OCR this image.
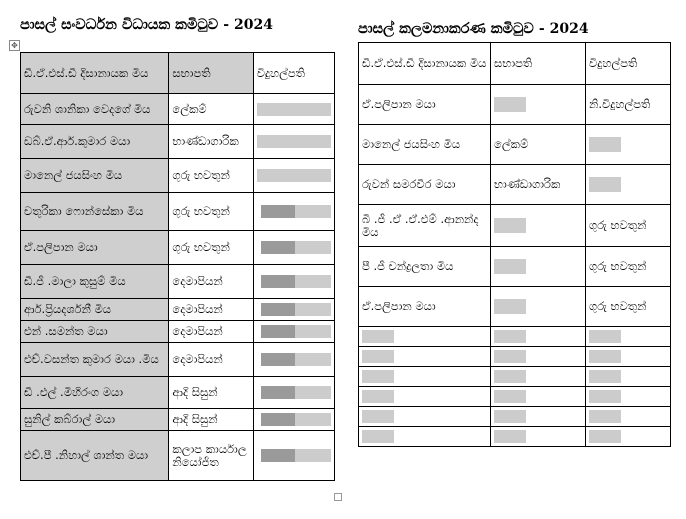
✥
පාසල් සංවර්ධන විධායක කමිටුව - 2024	පාසල් කලමනාකරණ කමිටුව - 2024
ඩී.ඒ.එස්.ඩී දිසානායක මිය	සභාපති	විදුහල්පති
රුවනි ශානිකා වෙදගේ මිය	ලේකම්	

ඩබ්.ඒ.ආර්.කුමාර මයා	භාණ්ඩාගාරික	

මානෙල් ජයසිංහ මිය	ගුරු භවතුන්	

චතුරිකා ෆොන්සේකා මිය	ගුරු භවතුන්	

ඒ.පලිපාන මයා	ගුරු භවතුන්	

ඩී.ජී .මාලා කුසුම් මිය	දෙමාපියන්	

ආර්.ප්‍රියදර්ශනී මිය	දෙමාපියන්	

එන් .සමන්ත මයා	දෙමාපියන්	

එච්.වසන්ත කුමාර මයා .මිය	දෙමාපියන්	

ඩී .එල් .මිහිරංග මයා	ආදි සිසුන්	

සුනිල් කබ්රාල් මයා	ආදි සිසුන්	

එච්.පී .නිහාල් ශාන්ත මයා	කලාප කාර්යාල නියෝජිත	
ඩී.ඒ.එස්.ඩී දිසානායක මිය	සභාපති	විදුහල්පති
ඒ.පලිපාන මයා		නි.විදුහල්පති
මානෙල් ජයසිංහ මිය	ලේකම්	
රුවන් සමරවීර මයා	භාණ්ඩාගාරික	
බී .ජී .ඒ .ඒ.එම් .ආනන්ද මිය		ගුරු භවතුන්
පී .ජී චන්ද්‍රලතා මිය		ගුරු භවතුන්
ඒ.පලිපාන මයා		ගුරු භවතුන්
